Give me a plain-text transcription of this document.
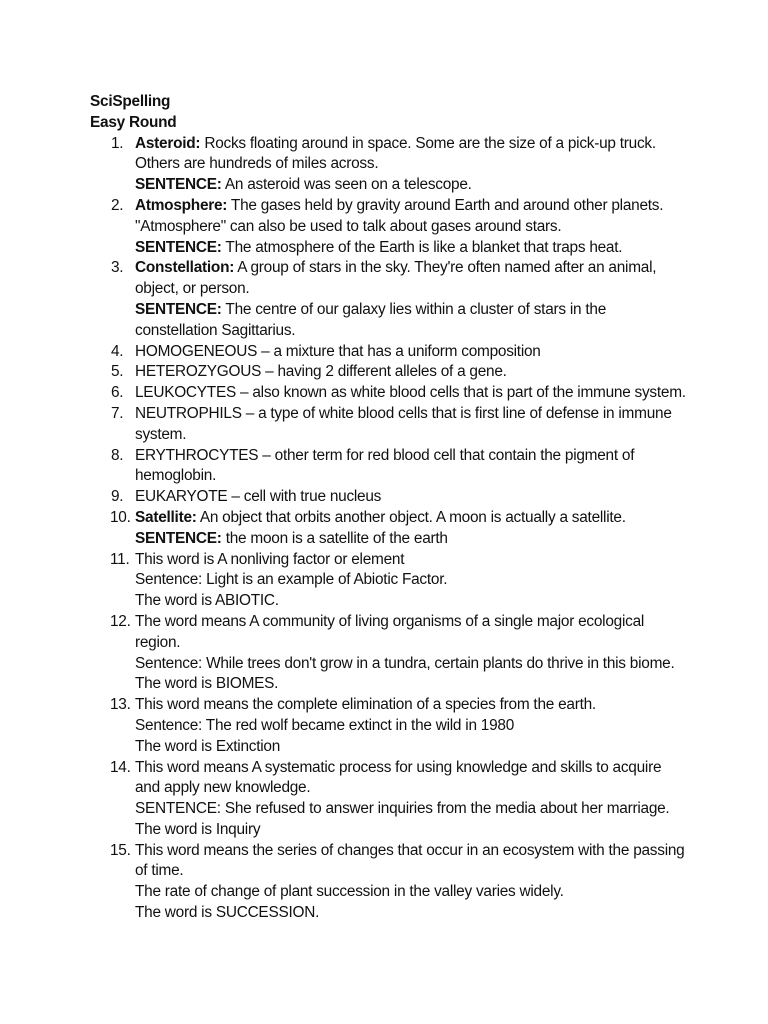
SciSpelling
Easy Round
1. Asteroid: Rocks floating around in space. Some are the size of a pick-up truck. Others are hundreds of miles across.
SENTENCE: An asteroid was seen on a telescope.
2. Atmosphere: The gases held by gravity around Earth and around other planets. "Atmosphere" can also be used to talk about gases around stars.
SENTENCE: The atmosphere of the Earth is like a blanket that traps heat.
3. Constellation: A group of stars in the sky. They're often named after an animal, object, or person.
SENTENCE: The centre of our galaxy lies within a cluster of stars in the constellation Sagittarius.
4. HOMOGENEOUS – a mixture that has a uniform composition
5. HETEROZYGOUS – having 2 different alleles of a gene.
6. LEUKOCYTES – also known as white blood cells that is part of the immune system.
7. NEUTROPHILS – a type of white blood cells that is first line of defense in immune system.
8. ERYTHROCYTES – other term for red blood cell that contain the pigment of hemoglobin.
9. EUKARYOTE – cell with true nucleus
10. Satellite: An object that orbits another object. A moon is actually a satellite.
SENTENCE: the moon is a satellite of the earth
11. This word is A nonliving factor or element
Sentence: Light is an example of Abiotic Factor.
The word is ABIOTIC.
12. The word means A community of living organisms of a single major ecological region.
Sentence: While trees don't grow in a tundra, certain plants do thrive in this biome.
The word is BIOMES.
13. This word means the complete elimination of a species from the earth.
Sentence: The red wolf became extinct in the wild in 1980
The word is Extinction
14. This word means A systematic process for using knowledge and skills to acquire and apply new knowledge.
SENTENCE: She refused to answer inquiries from the media about her marriage.
The word is Inquiry
15. This word means the series of changes that occur in an ecosystem with the passing of time.
The rate of change of plant succession in the valley varies widely.
The word is SUCCESSION.
